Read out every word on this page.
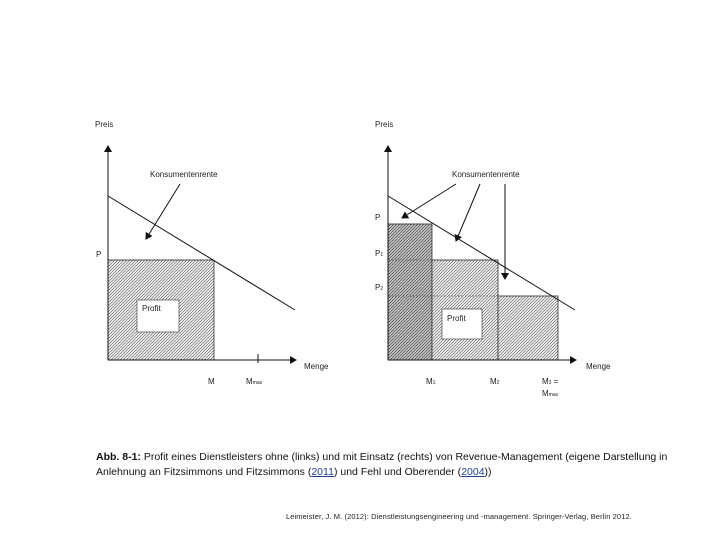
Profit
Konsumentenrente
Preis
Menge
P
M	Mmax
Profit
Konsumentenrente
Preis
Menge
P
P1
P2
M1	M2	M3 =
Mmax
Abb. 8-1: Profit eines Dienstleisters ohne (links) und mit Einsatz (rechts) von Revenue-Management (eigene Darstellung in Anlehnung an Fitzsimmons und Fitzsimmons (2011) und Fehl und Oberender (2004))
Leimeister, J. M. (2012): Dienstleistungsengineering und -management. Springer-Verlag, Berlin 2012.
